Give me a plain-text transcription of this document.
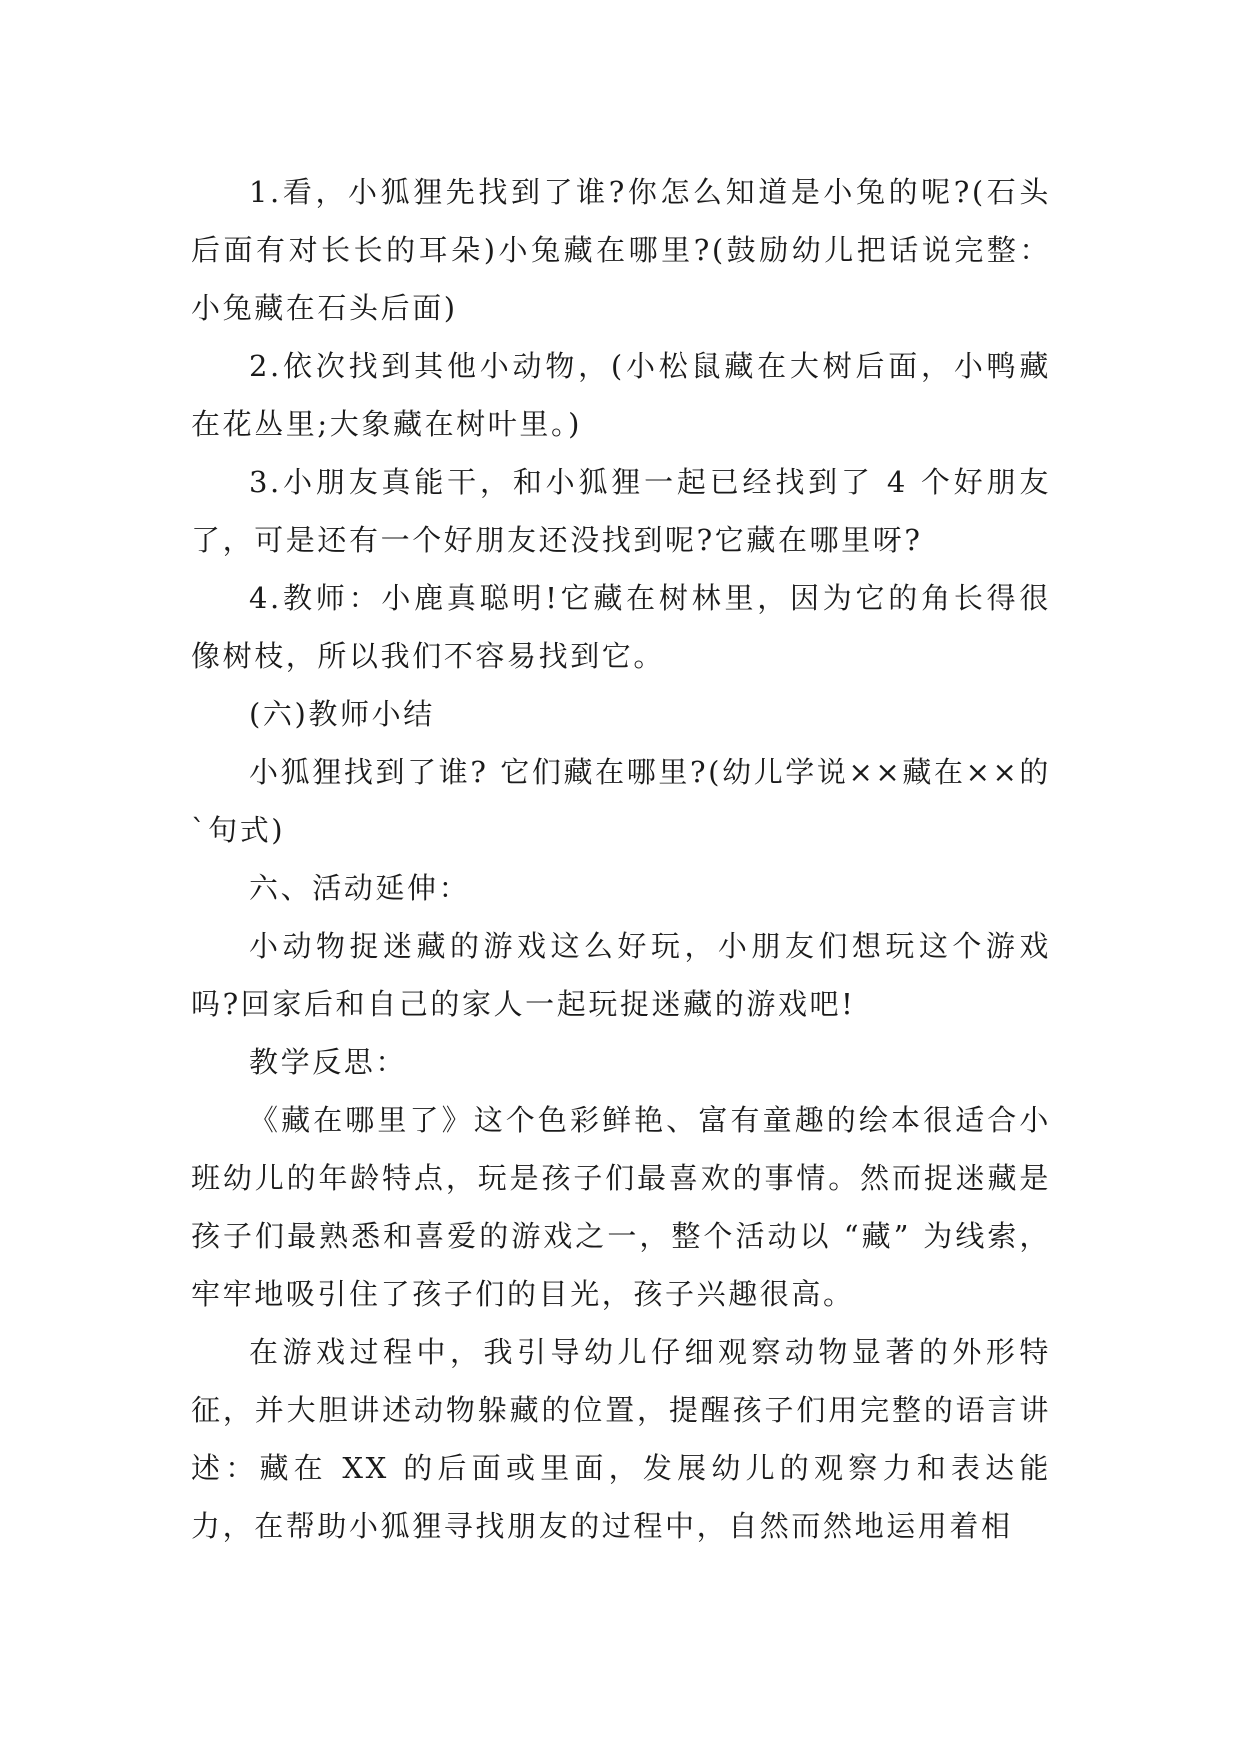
1.看，小狐狸先找到了谁?你怎么知道是小兔的呢?(石头后面有对长长的耳朵)小兔藏在哪里?(鼓励幼儿把话说完整：小兔藏在石头后面)

2.依次找到其他小动物，(小松鼠藏在大树后面，小鸭藏在花丛里;大象藏在树叶里。)

3.小朋友真能干，和小狐狸一起已经找到了 4 个好朋友了，可是还有一个好朋友还没找到呢?它藏在哪里呀?

4.教师：小鹿真聪明!它藏在树林里，因为它的角长得很像树枝，所以我们不容易找到它。

(六)教师小结

小狐狸找到了谁? 它们藏在哪里?(幼儿学说××藏在××的`句式)

六、活动延伸：

小动物捉迷藏的游戏这么好玩，小朋友们想玩这个游戏吗?回家后和自己的家人一起玩捉迷藏的游戏吧!

教学反思：

《藏在哪里了》这个色彩鲜艳、富有童趣的绘本很适合小班幼儿的年龄特点，玩是孩子们最喜欢的事情。然而捉迷藏是孩子们最熟悉和喜爱的游戏之一，整个活动以 “藏” 为线索，牢牢地吸引住了孩子们的目光，孩子兴趣很高。

在游戏过程中，我引导幼儿仔细观察动物显著的外形特征，并大胆讲述动物躲藏的位置，提醒孩子们用完整的语言讲述：藏在 XX 的后面或里面，发展幼儿的观察力和表达能力，在帮助小狐狸寻找朋友的过程中，自然而然地运用着相
